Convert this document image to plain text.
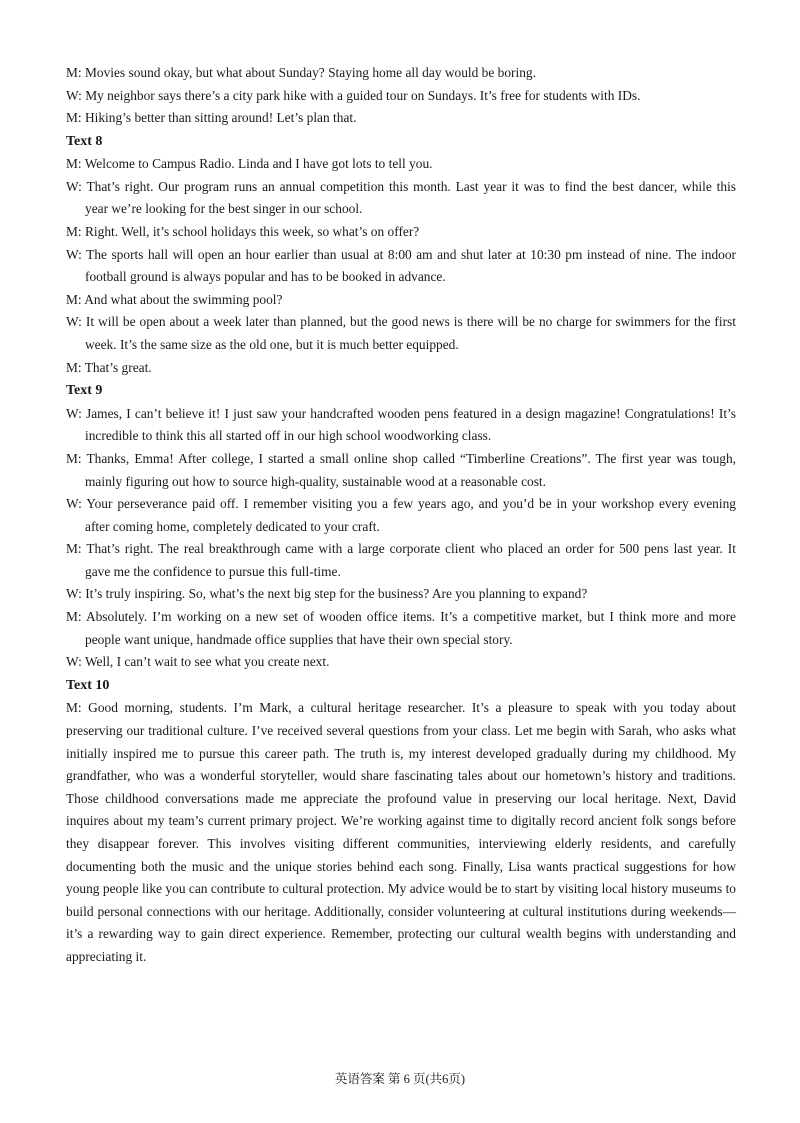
M: Movies sound okay, but what about Sunday? Staying home all day would be boring.
W: My neighbor says there’s a city park hike with a guided tour on Sundays. It’s free for students with IDs.
M: Hiking’s better than sitting around! Let’s plan that.
Text 8
M: Welcome to Campus Radio. Linda and I have got lots to tell you.
W: That’s right. Our program runs an annual competition this month. Last year it was to find the best dancer, while this
year we’re looking for the best singer in our school.
M: Right. Well, it’s school holidays this week, so what’s on offer?
W: The sports hall will open an hour earlier than usual at 8:00 am and shut later at 10:30 pm instead of nine. The indoor
football ground is always popular and has to be booked in advance.
M: And what about the swimming pool?
W: It will be open about a week later than planned, but the good news is there will be no charge for swimmers for the first
week. It’s the same size as the old one, but it is much better equipped.
M: That’s great.
Text 9
W: James, I can’t believe it! I just saw your handcrafted wooden pens featured in a design magazine! Congratulations! It’s
incredible to think this all started off in our high school woodworking class.
M: Thanks, Emma! After college, I started a small online shop called “Timberline Creations”. The first year was tough,
mainly figuring out how to source high-quality, sustainable wood at a reasonable cost.
W: Your perseverance paid off. I remember visiting you a few years ago, and you’d be in your workshop every evening
after coming home, completely dedicated to your craft.
M: That’s right. The real breakthrough came with a large corporate client who placed an order for 500 pens last year. It
gave me the confidence to pursue this full-time.
W: It’s truly inspiring. So, what’s the next big step for the business? Are you planning to expand?
M: Absolutely. I’m working on a new set of wooden office items. It’s a competitive market, but I think more and more
people want unique, handmade office supplies that have their own special story.
W: Well, I can’t wait to see what you create next.
Text 10
M: Good morning, students. I’m Mark, a cultural heritage researcher. It’s a pleasure to speak with you today about
preserving our traditional culture. I’ve received several questions from your class. Let me begin with Sarah, who asks what
initially inspired me to pursue this career path. The truth is, my interest developed gradually during my childhood. My
grandfather, who was a wonderful storyteller, would share fascinating tales about our hometown’s history and traditions.
Those childhood conversations made me appreciate the profound value in preserving our local heritage. Next, David
inquires about my team’s current primary project. We’re working against time to digitally record ancient folk songs before
they disappear forever. This involves visiting different communities, interviewing elderly residents, and carefully
documenting both the music and the unique stories behind each song. Finally, Lisa wants practical suggestions for how
young people like you can contribute to cultural protection. My advice would be to start by visiting local history museums to
build personal connections with our heritage. Additionally, consider volunteering at cultural institutions during weekends—
it’s a rewarding way to gain direct experience. Remember, protecting our cultural wealth begins with understanding and
appreciating it.
英语答案 第 6 页(共6页)
